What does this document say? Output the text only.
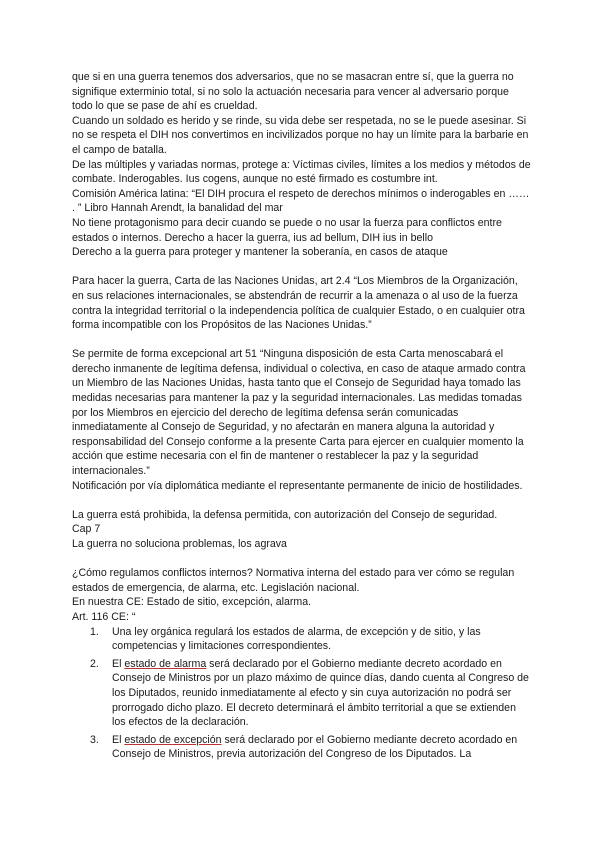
que si en una guerra tenemos dos adversarios, que no se masacran entre sí, que la guerra no signifique exterminio total, si no solo la actuación necesaria para vencer al adversario porque todo lo que se pase de ahí es crueldad.

Cuando un soldado es herido y se rinde, su vida debe ser respetada, no se le puede asesinar. Si no se respeta el DIH nos convertimos en incivilizados porque no hay un límite para la barbarie en el campo de batalla.

De las múltiples y variadas normas, protege a: Víctimas civiles, límites a los medios y métodos de combate. Inderogables. Ius cogens, aunque no esté firmado es costumbre int.

Comisión América latina: “El DIH procura el respeto de derechos mínimos o inderogables en …… . ” Libro Hannah Arendt, la banalidad del mar

No tiene protagonismo para decir cuando se puede o no usar la fuerza para conflictos entre estados o internos. Derecho a hacer la guerra, ius ad bellum, DIH ius in bello

Derecho a la guerra para proteger y mantener la soberanía, en casos de ataque

Para hacer la guerra, Carta de las Naciones Unidas, art 2.4 “Los Miembros de la Organización, en sus relaciones internacionales, se abstendrán de recurrir a la amenaza o al uso de la fuerza contra la integridad territorial o la independencia política de cualquier Estado, o en cualquier otra forma incompatible con los Propósitos de las Naciones Unidas.”

Se permite de forma excepcional art 51 “Ninguna disposición de esta Carta menoscabará el derecho inmanente de legítima defensa, individual o colectiva, en caso de ataque armado contra un Miembro de las Naciones Unidas, hasta tanto que el Consejo de Seguridad haya tomado las medidas necesarias para mantener la paz y la seguridad internacionales. Las medidas tomadas por los Miembros en ejercicio del derecho de legítima defensa serán comunicadas inmediatamente al Consejo de Seguridad, y no afectarán en manera alguna la autoridad y responsabilidad del Consejo conforme a la presente Carta para ejercer en cualquier momento la acción que estime necesaria con el fin de mantener o restablecer la paz y la seguridad internacionales.”

Notificación por vía diplomática mediante el representante permanente de inicio de hostilidades.

La guerra está prohibida, la defensa permitida, con autorización del Consejo de seguridad.

Cap 7

La guerra no soluciona problemas, los agrava

¿Cómo regulamos conflictos internos? Normativa interna del estado para ver cómo se regulan estados de emergencia, de alarma, etc. Legislación nacional.

En nuestra CE: Estado de sitio, excepción, alarma.

Art. 116 CE: “

1. Una ley orgánica regulará los estados de alarma, de excepción y de sitio, y las competencias y limitaciones correspondientes.
2. El estado de alarma será declarado por el Gobierno mediante decreto acordado en Consejo de Ministros por un plazo máximo de quince días, dando cuenta al Congreso de los Diputados, reunido inmediatamente al efecto y sin cuya autorización no podrá ser prorrogado dicho plazo. El decreto determinará el ámbito territorial a que se extienden los efectos de la declaración.
3. El estado de excepción será declarado por el Gobierno mediante decreto acordado en Consejo de Ministros, previa autorización del Congreso de los Diputados. La
